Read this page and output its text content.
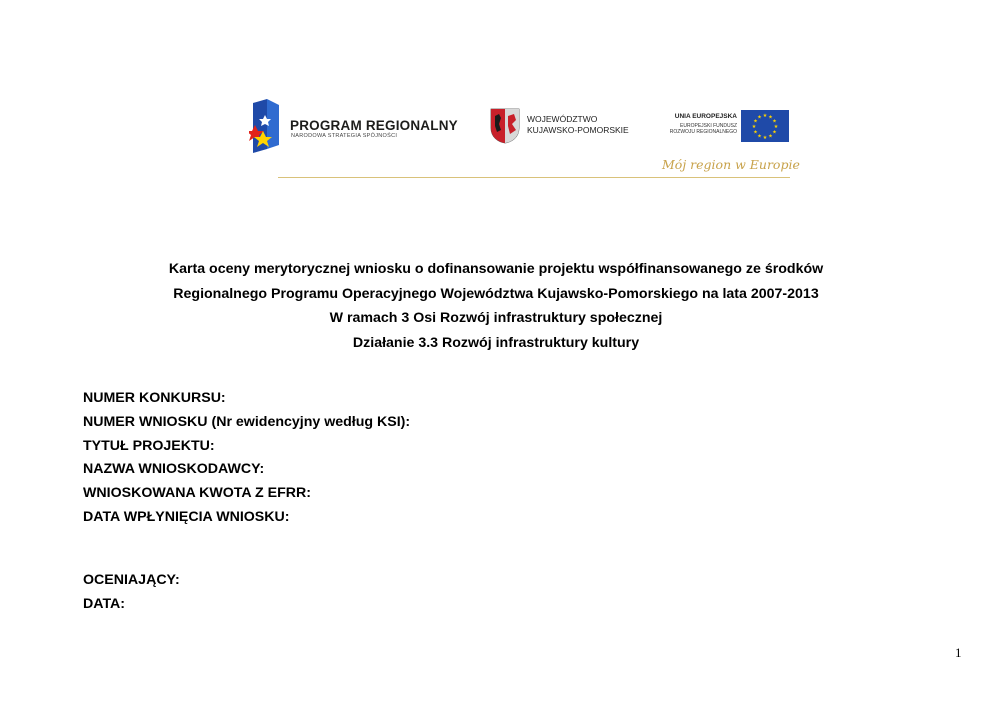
PROGRAM REGIONALNY
NARODOWA STRATEGIA SPÓJNOŚCI
WOJEWÓDZTWO
KUJAWSKO-POMORSKIE
UNIA EUROPEJSKA
EUROPEJSKI FUNDUSZ
ROZWOJU REGIONALNEGO
★ ★
★
★
★
★
★
★
★
★
★
★
Mój region w Europie
Karta oceny merytorycznej wniosku o dofinansowanie projektu współfinansowanego ze środków
Regionalnego Programu Operacyjnego Województwa Kujawsko-Pomorskiego na lata 2007-2013
W ramach 3 Osi Rozwój infrastruktury społecznej
Działanie 3.3 Rozwój infrastruktury kultury
NUMER KONKURSU:
NUMER WNIOSKU (Nr ewidencyjny według KSI):
TYTUŁ PROJEKTU:
NAZWA WNIOSKODAWCY:
WNIOSKOWANA KWOTA Z EFRR:
DATA WPŁYNIĘCIA WNIOSKU:
OCENIAJĄCY:
DATA:
1
